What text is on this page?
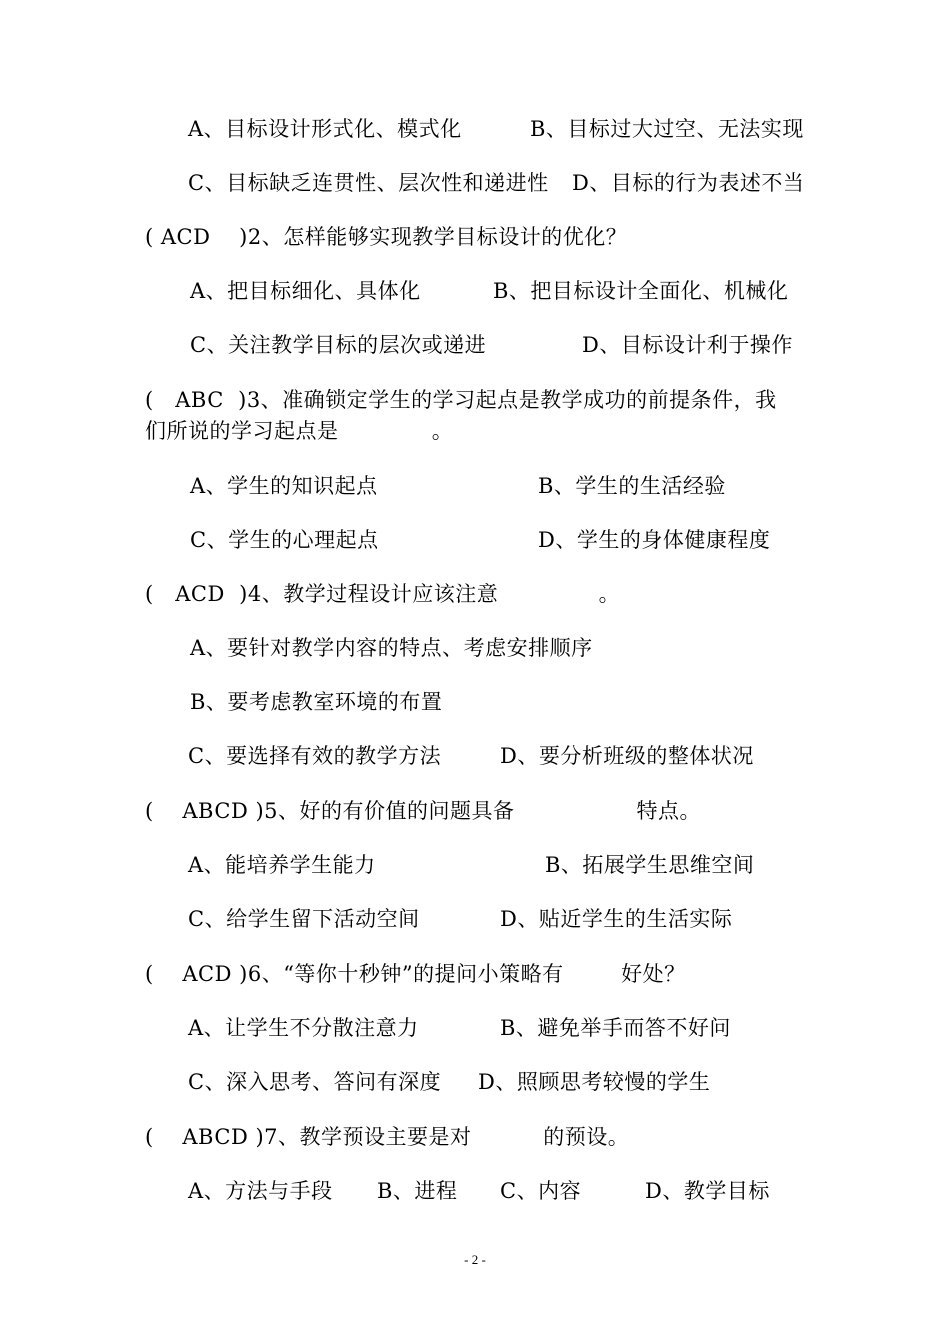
A、目标设计形式化、模式化	B、目标过大过空、无法实现
C、目标缺乏连贯性、层次性和递进性 D、目标的行为表述不当
( ACD    )2、怎样能够实现教学目标设计的优化？
A、把目标细化、具体化	B、把目标设计全面化、机械化
C、关注教学目标的层次或递进	D、目标设计利于操作
(   ABC  )3、准确锁定学生的学习起点是教学成功的前提条件，我
们所说的学习起点是             。
A、学生的知识起点	B、学生的生活经验
C、学生的心理起点	D、学生的身体健康程度
(   ACD  )4、教学过程设计应该注意              。
A、要针对教学内容的特点、考虑安排顺序
B、要考虑教室环境的布置
C、要选择有效的教学方法	D、要分析班级的整体状况
(    ABCD )5、好的有价值的问题具备                 特点。
A、能培养学生能力	B、拓展学生思维空间
C、给学生留下活动空间	D、贴近学生的生活实际
(    ACD )6、“等你十秒钟”的提问小策略有        好处？
A、让学生不分散注意力	B、避免举手而答不好问
C、深入思考、答问有深度 D、照顾思考较慢的学生
(    ABCD )7、教学预设主要是对          的预设。
A、方法与手段 B、进程 C、内容	D、教学目标
- 2 -
